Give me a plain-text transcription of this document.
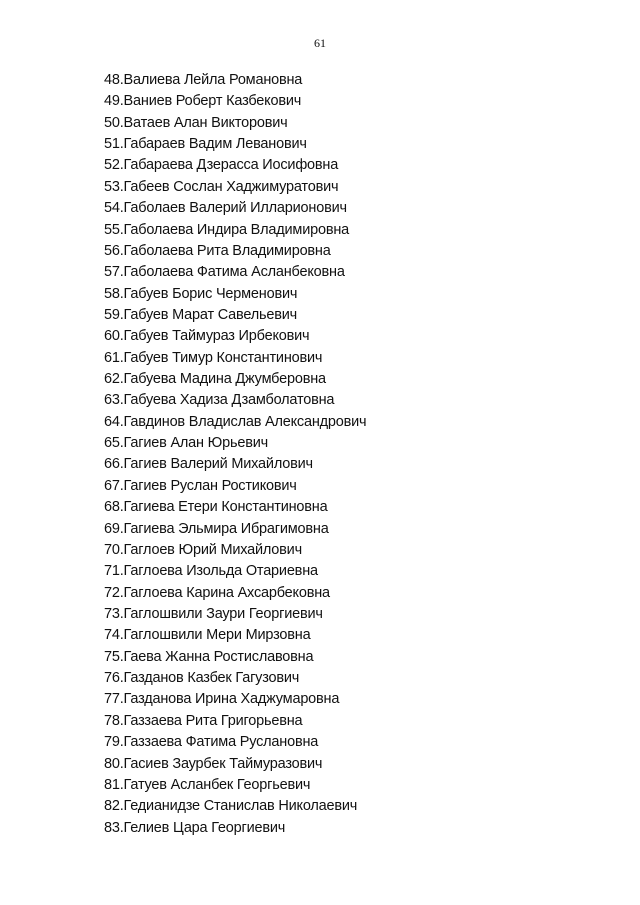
61
48.Валиева Лейла Романовна
49.Ваниев Роберт Казбекович
50.Ватаев Алан Викторович
51.Габараев Вадим Леванович
52.Габараева Дзерасса Иосифовна
53.Габеев Сослан Хаджимуратович
54.Габолаев Валерий Илларионович
55.Габолаева Индира Владимировна
56.Габолаева Рита Владимировна
57.Габолаева Фатима Асланбековна
58.Габуев Борис Черменович
59.Габуев Марат Савельевич
60.Габуев Таймураз Ирбекович
61.Габуев Тимур Константинович
62.Габуева Мадина Джумберовна
63.Габуева Хадиза Дзамболатовна
64.Гавдинов Владислав Александрович
65.Гагиев Алан Юрьевич
66.Гагиев Валерий Михайлович
67.Гагиев Руслан Ростикович
68.Гагиева Етери Константиновна
69.Гагиева Эльмира Ибрагимовна
70.Гаглоев Юрий Михайлович
71.Гаглоева Изольда Отариевна
72.Гаглоева Карина Ахсарбековна
73.Гаглошвили Заури Георгиевич
74.Гаглошвили Мери Мирзовна
75.Гаева Жанна Ростиславовна
76.Газданов Казбек Гагузович
77.Газданова Ирина Хаджумаровна
78.Газзаева Рита Григорьевна
79.Газзаева Фатима Руслановна
80.Гасиев Заурбек Таймуразович
81.Гатуев Асланбек Георгьевич
82.Гедианидзе Станислав Николаевич
83.Гелиев Цара Георгиевич
